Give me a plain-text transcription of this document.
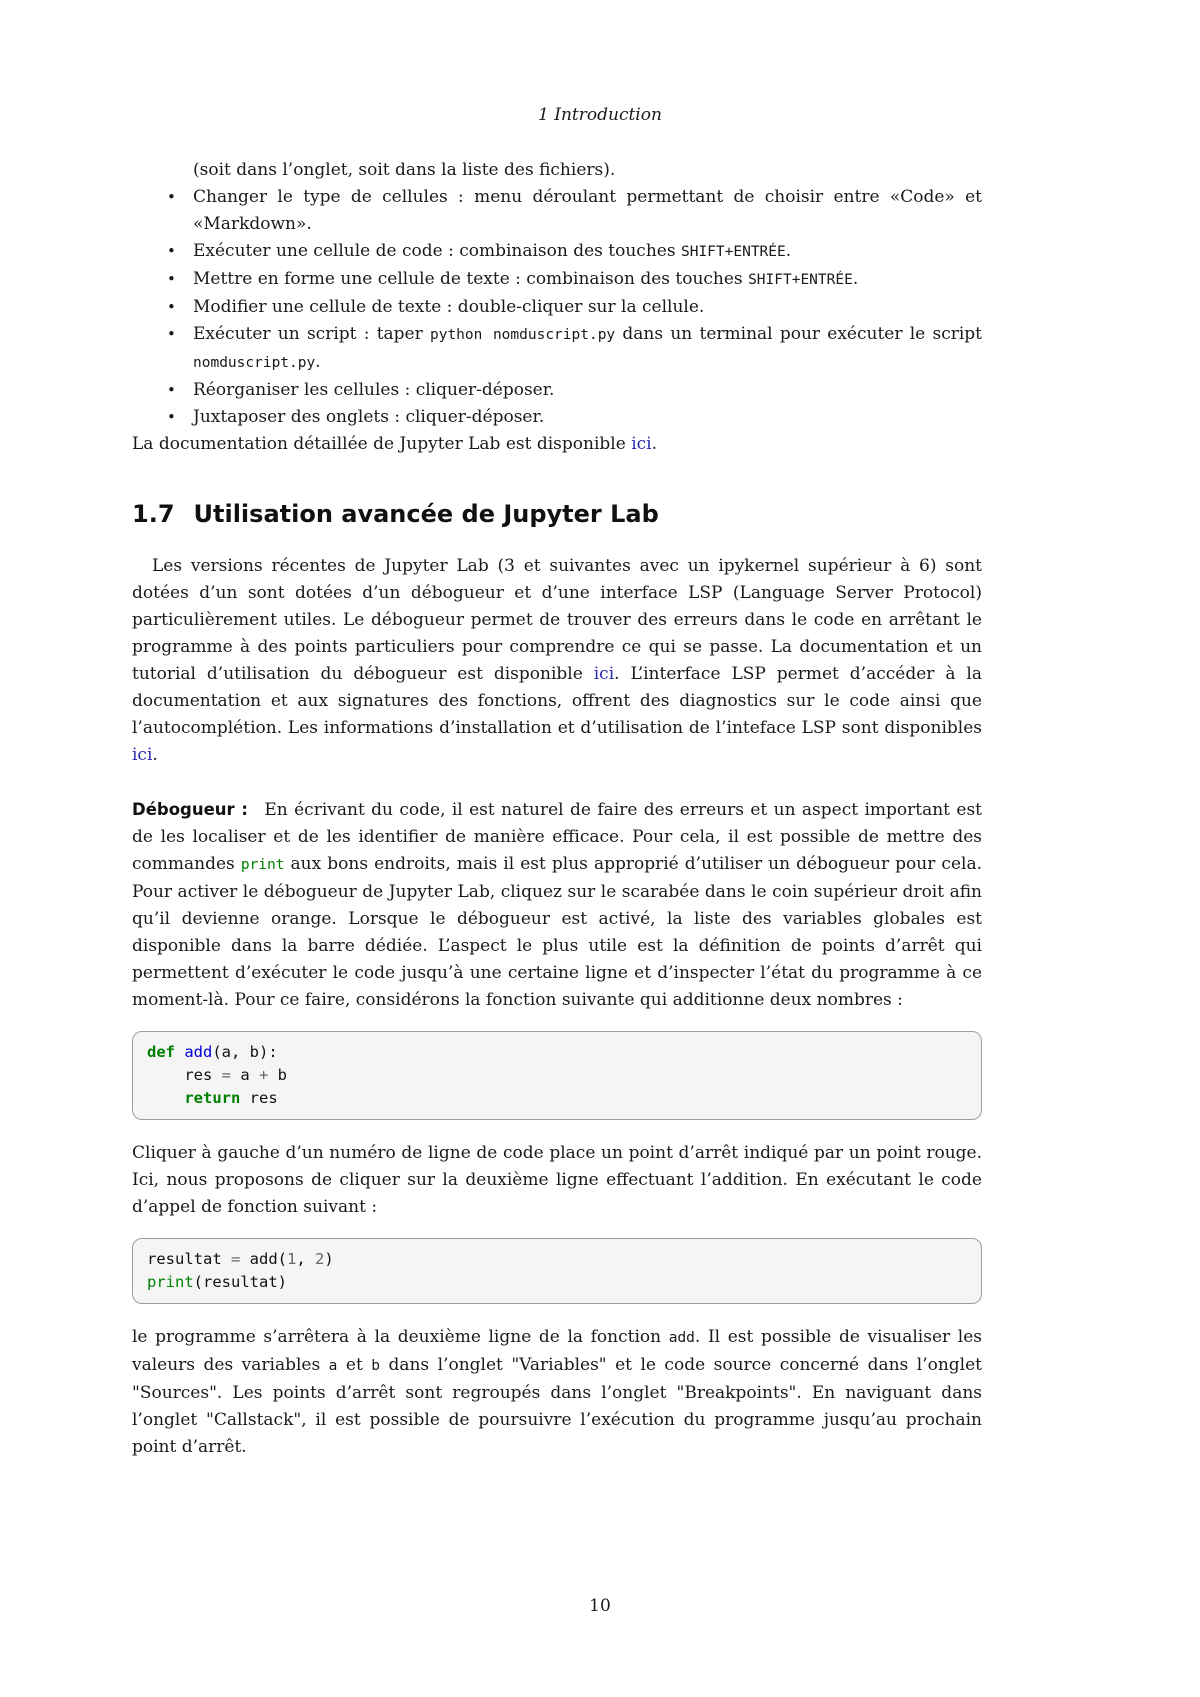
1 Introduction
(soit dans l’onglet, soit dans la liste des fichiers).
• Changer le type de cellules : menu déroulant permettant de choisir entre «Code» et «Markdown».
• Exécuter une cellule de code : combinaison des touches SHIFT+ENTRÉE.
• Mettre en forme une cellule de texte : combinaison des touches SHIFT+ENTRÉE.
• Modifier une cellule de texte : double-cliquer sur la cellule.
• Exécuter un script : taper python nomduscript.py dans un terminal pour exécuter le script nomduscript.py.
• Réorganiser les cellules : cliquer-déposer.
• Juxtaposer des onglets : cliquer-déposer.

La documentation détaillée de Jupyter Lab est disponible ici.

1.7 Utilisation avancée de Jupyter Lab

Les versions récentes de Jupyter Lab (3 et suivantes avec un ipykernel supérieur à 6) sont dotées d’un sont dotées d’un débogueur et d’une interface LSP (Language Server Protocol) particulièrement utiles. Le débogueur permet de trouver des erreurs dans le code en arrêtant le programme à des points particuliers pour comprendre ce qui se passe. La documentation et un tutorial d’utilisation du débogueur est disponible ici. L’interface LSP permet d’accéder à la documentation et aux signatures des fonctions, offrent des diagnostics sur le code ainsi que l’autocomplétion. Les informations d’installation et d’utilisation de l’inteface LSP sont disponibles ici.

Débogueur : En écrivant du code, il est naturel de faire des erreurs et un aspect important est de les localiser et de les identifier de manière efficace. Pour cela, il est possible de mettre des commandes print aux bons endroits, mais il est plus approprié d’utiliser un débogueur pour cela. Pour activer le débogueur de Jupyter Lab, cliquez sur le scarabée dans le coin supérieur droit afin qu’il devienne orange. Lorsque le débogueur est activé, la liste des variables globales est disponible dans la barre dédiée. L’aspect le plus utile est la définition de points d’arrêt qui permettent d’exécuter le code jusqu’à une certaine ligne et d’inspecter l’état du programme à ce moment-là. Pour ce faire, considérons la fonction suivante qui additionne deux nombres :

def add(a, b):
res = a + b
return res

Cliquer à gauche d’un numéro de ligne de code place un point d’arrêt indiqué par un point rouge. Ici, nous proposons de cliquer sur la deuxième ligne effectuant l’addition. En exécutant le code d’appel de fonction suivant :

resultat = add(1, 2)
print(resultat)

le programme s’arrêtera à la deuxième ligne de la fonction add. Il est possible de visualiser les valeurs des variables a et b dans l’onglet "Variables" et le code source concerné dans l’onglet "Sources". Les points d’arrêt sont regroupés dans l’onglet "Breakpoints". En naviguant dans l’onglet "Callstack", il est possible de poursuivre l’exécution du programme jusqu’au prochain point d’arrêt.

10
